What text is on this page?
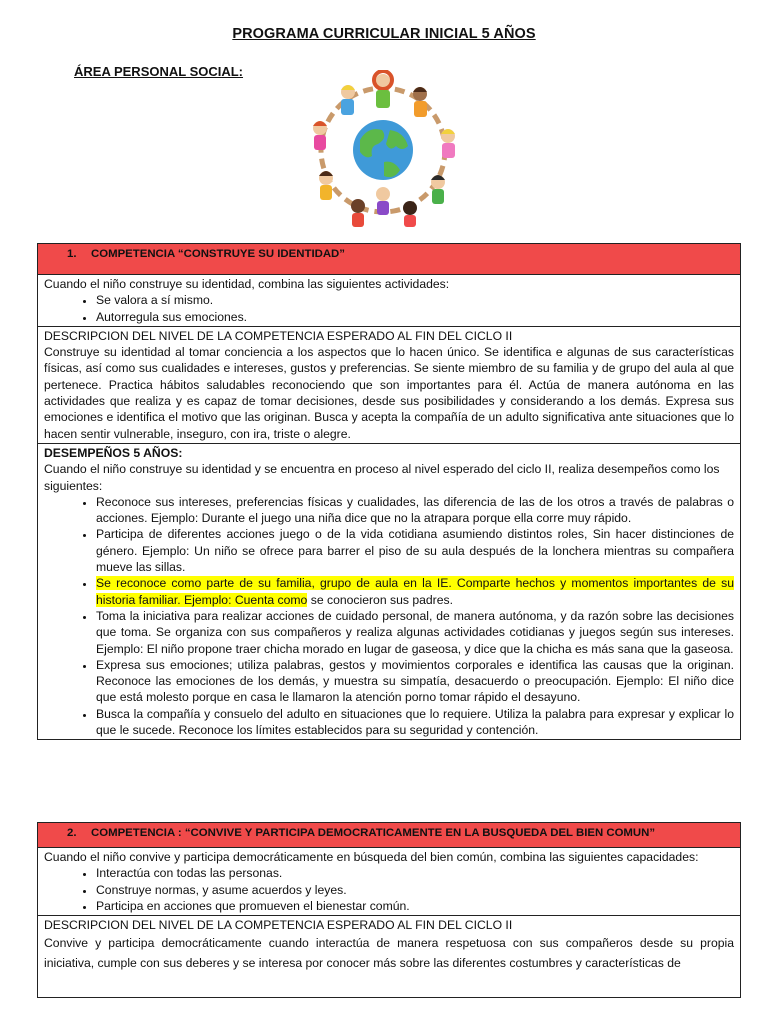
PROGRAMA CURRICULAR INICIAL 5 AÑOS
ÁREA PERSONAL SOCIAL:
1. COMPETENCIA “CONSTRUYE SU IDENTIDAD”
Cuando el niño construye su identidad, combina las siguientes actividades:
• Se valora a sí mismo.
• Autorregula sus emociones.
DESCRIPCION DEL NIVEL DE LA COMPETENCIA ESPERADO AL FIN DEL CICLO II
Construye su identidad al tomar conciencia a los aspectos que lo hacen único. Se identifica e algunas de sus características físicas, así como sus cualidades e intereses, gustos y preferencias. Se siente miembro de su familia y de grupo del aula al que pertenece. Practica hábitos saludables reconociendo que son importantes para él. Actúa de manera autónoma en las actividades que realiza y es capaz de tomar decisiones, desde sus posibilidades y considerando a los demás. Expresa sus emociones e identifica el motivo que las originan. Busca y acepta la compañía de un adulto significativa ante situaciones que lo hacen sentir vulnerable, inseguro, con ira, triste o alegre.
DESEMPEÑOS 5 AÑOS:
Cuando el niño construye su identidad y se encuentra en proceso al nivel esperado del ciclo II, realiza desempeños como los siguientes:
• Reconoce sus intereses, preferencias físicas y cualidades, las diferencia de las de los otros a través de palabras o acciones. Ejemplo: Durante el juego una niña dice que no la atrapara porque ella corre muy rápido.
• Participa de diferentes acciones juego o de la vida cotidiana asumiendo distintos roles, Sin hacer distinciones de género. Ejemplo: Un niño se ofrece para barrer el piso de su aula después de la lonchera mientras su compañera mueve las sillas.
• Se reconoce como parte de su familia, grupo de aula en la IE. Comparte hechos y momentos importantes de su historia familiar. Ejemplo: Cuenta como se conocieron sus padres.
• Toma la iniciativa para realizar acciones de cuidado personal, de manera autónoma, y da razón sobre las decisiones que toma. Se organiza con sus compañeros y realiza algunas actividades cotidianas y juegos según sus intereses. Ejemplo: El niño propone traer chicha morado en lugar de gaseosa, y dice que la chicha es más sana que la gaseosa.
• Expresa sus emociones; utiliza palabras, gestos y movimientos corporales e identifica las causas que la originan. Reconoce las emociones de los demás, y muestra su simpatía, desacuerdo o preocupación. Ejemplo: El niño dice que está molesto porque en casa le llamaron la atención porno tomar rápido el desayuno.
• Busca la compañía y consuelo del adulto en situaciones que lo requiere. Utiliza la palabra para expresar y explicar lo que le sucede. Reconoce los límites establecidos para su seguridad y contención.
2. COMPETENCIA : “CONVIVE Y PARTICIPA DEMOCRATICAMENTE EN LA BUSQUEDA DEL BIEN COMUN”
Cuando el niño convive y participa democráticamente en búsqueda del bien común, combina las siguientes capacidades:
• Interactúa con todas las personas.
• Construye normas, y asume acuerdos y leyes.
• Participa en acciones que promueven el bienestar común.
DESCRIPCION DEL NIVEL DE LA COMPETENCIA ESPERADO AL FIN DEL CICLO II
Convive y participa democráticamente cuando interactúa de manera respetuosa con sus compañeros desde su propia iniciativa, cumple con sus deberes y se interesa por conocer más sobre las diferentes costumbres y características de
